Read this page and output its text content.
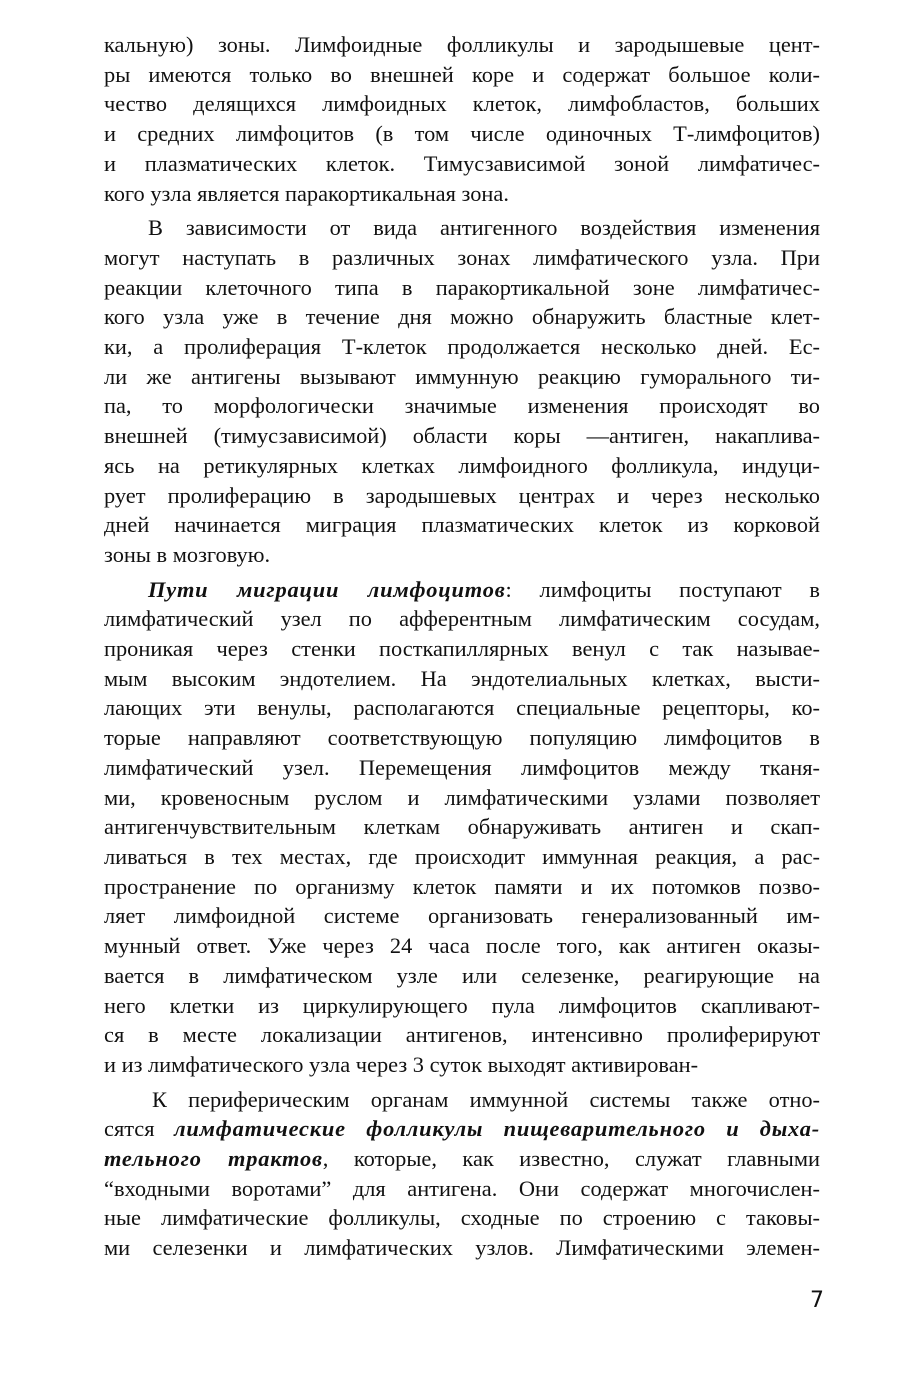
кальную) зоны. Лимфоидные фолликулы и зародышевые цент-
ры имеются только во внешней коре и содержат большое коли-
чество делящихся лимфоидных клеток, лимфобластов, больших
и средних лимфоцитов (в том числе одиночных Т-лимфоцитов)
и плазматических клеток. Тимусзависимой зоной лимфатичес-
кого узла является паракортикальная зона.

В зависимости от вида антигенного воздействия изменения
могут наступать в различных зонах лимфатического узла. При
реакции клеточного типа в паракортикальной зоне лимфатичес-
кого узла уже в течение дня можно обнаружить бластные клет-
ки, а пролиферация Т-клеток продолжается несколько дней. Ес-
ли же антигены вызывают иммунную реакцию гуморального ти-
па, то морфологически значимые изменения происходят во
внешней (тимусзависимой) области коры —антиген, накаплива-
ясь на ретикулярных клетках лимфоидного фолликула, индуци-
рует пролиферацию в зародышевых центрах и через несколько
дней начинается миграция плазматических клеток из корковой
зоны в мозговую.

Пути миграции лимфоцитов: лимфоциты поступают в
лимфатический узел по афферентным лимфатическим сосудам,
проникая через стенки посткапиллярных венул с так называе-
мым высоким эндотелием. На эндотелиальных клетках, высти-
лающих эти венулы, располагаются специальные рецепторы, ко-
торые направляют соответствующую популяцию лимфоцитов в
лимфатический узел. Перемещения лимфоцитов между тканя-
ми, кровеносным руслом и лимфатическими узлами позволяет
антигенчувствительным клеткам обнаруживать антиген и скап-
ливаться в тех местах, где происходит иммунная реакция, а рас-
пространение по организму клеток памяти и их потомков позво-
ляет лимфоидной системе организовать генерализованный им-
мунный ответ. Уже через 24 часа после того, как антиген оказы-
вается в лимфатическом узле или селезенке, реагирующие на
него клетки из циркулирующего пула лимфоцитов скапливают-
ся в месте локализации антигенов, интенсивно пролиферируют
и из лимфатического узла через 3 суток выходят активирован-

К периферическим органам иммунной системы также отно-
сятся лимфатические фолликулы пищеварительного и дыха-
тельного трактов, которые, как известно, служат главными
“входными воротами” для антигена. Они содержат многочислен-
ные лимфатические фолликулы, сходные по строению с таковы-
ми селезенки и лимфатических узлов. Лимфатическими элемен-

7
